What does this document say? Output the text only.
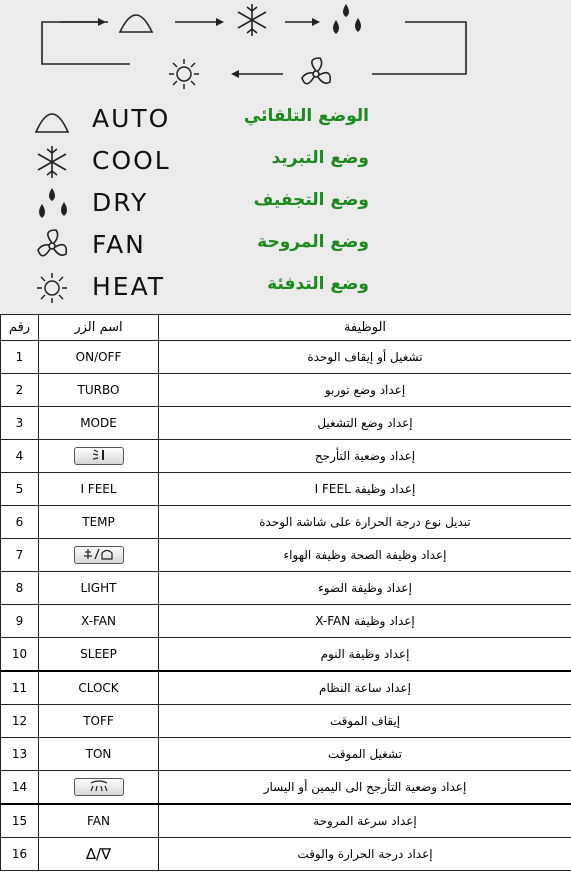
AUTO	الوضع التلقائي
COOL	وضع التبريد
DRY	وضع التجفيف
FAN	وضع المروحة
HEAT	وضع التدفئة
رقم	اسم الزر	الوظيفة
1	ON/OFF	تشغيل أو إيقاف الوحدة
2	TURBO	إعداد وضع توربو
3	MODE	إعداد وضع التشغيل
4		إعداد وضعية التأرجح
5	I FEEL	إعداد وظيفة I FEEL
6	TEMP	تبديل نوع درجة الحرارة على شاشة الوحدة
7		إعداد وظيفة الصحة وظيفة الهواء
8	LIGHT	إعداد وظيفة الضوء
9	X-FAN	إعداد وظيفة X-FAN
10	SLEEP	إعداد وظيفة النوم
11	CLOCK	إعداد ساعة النظام
12	TOFF	إيقاف الموقت
13	TON	تشغيل الموقت
14		إعداد وضعية التأرجح الى اليمين أو اليسار
15	FAN	إعداد سرعة المروحة
16	∆/∇	إعداد درجة الحرارة والوقت
